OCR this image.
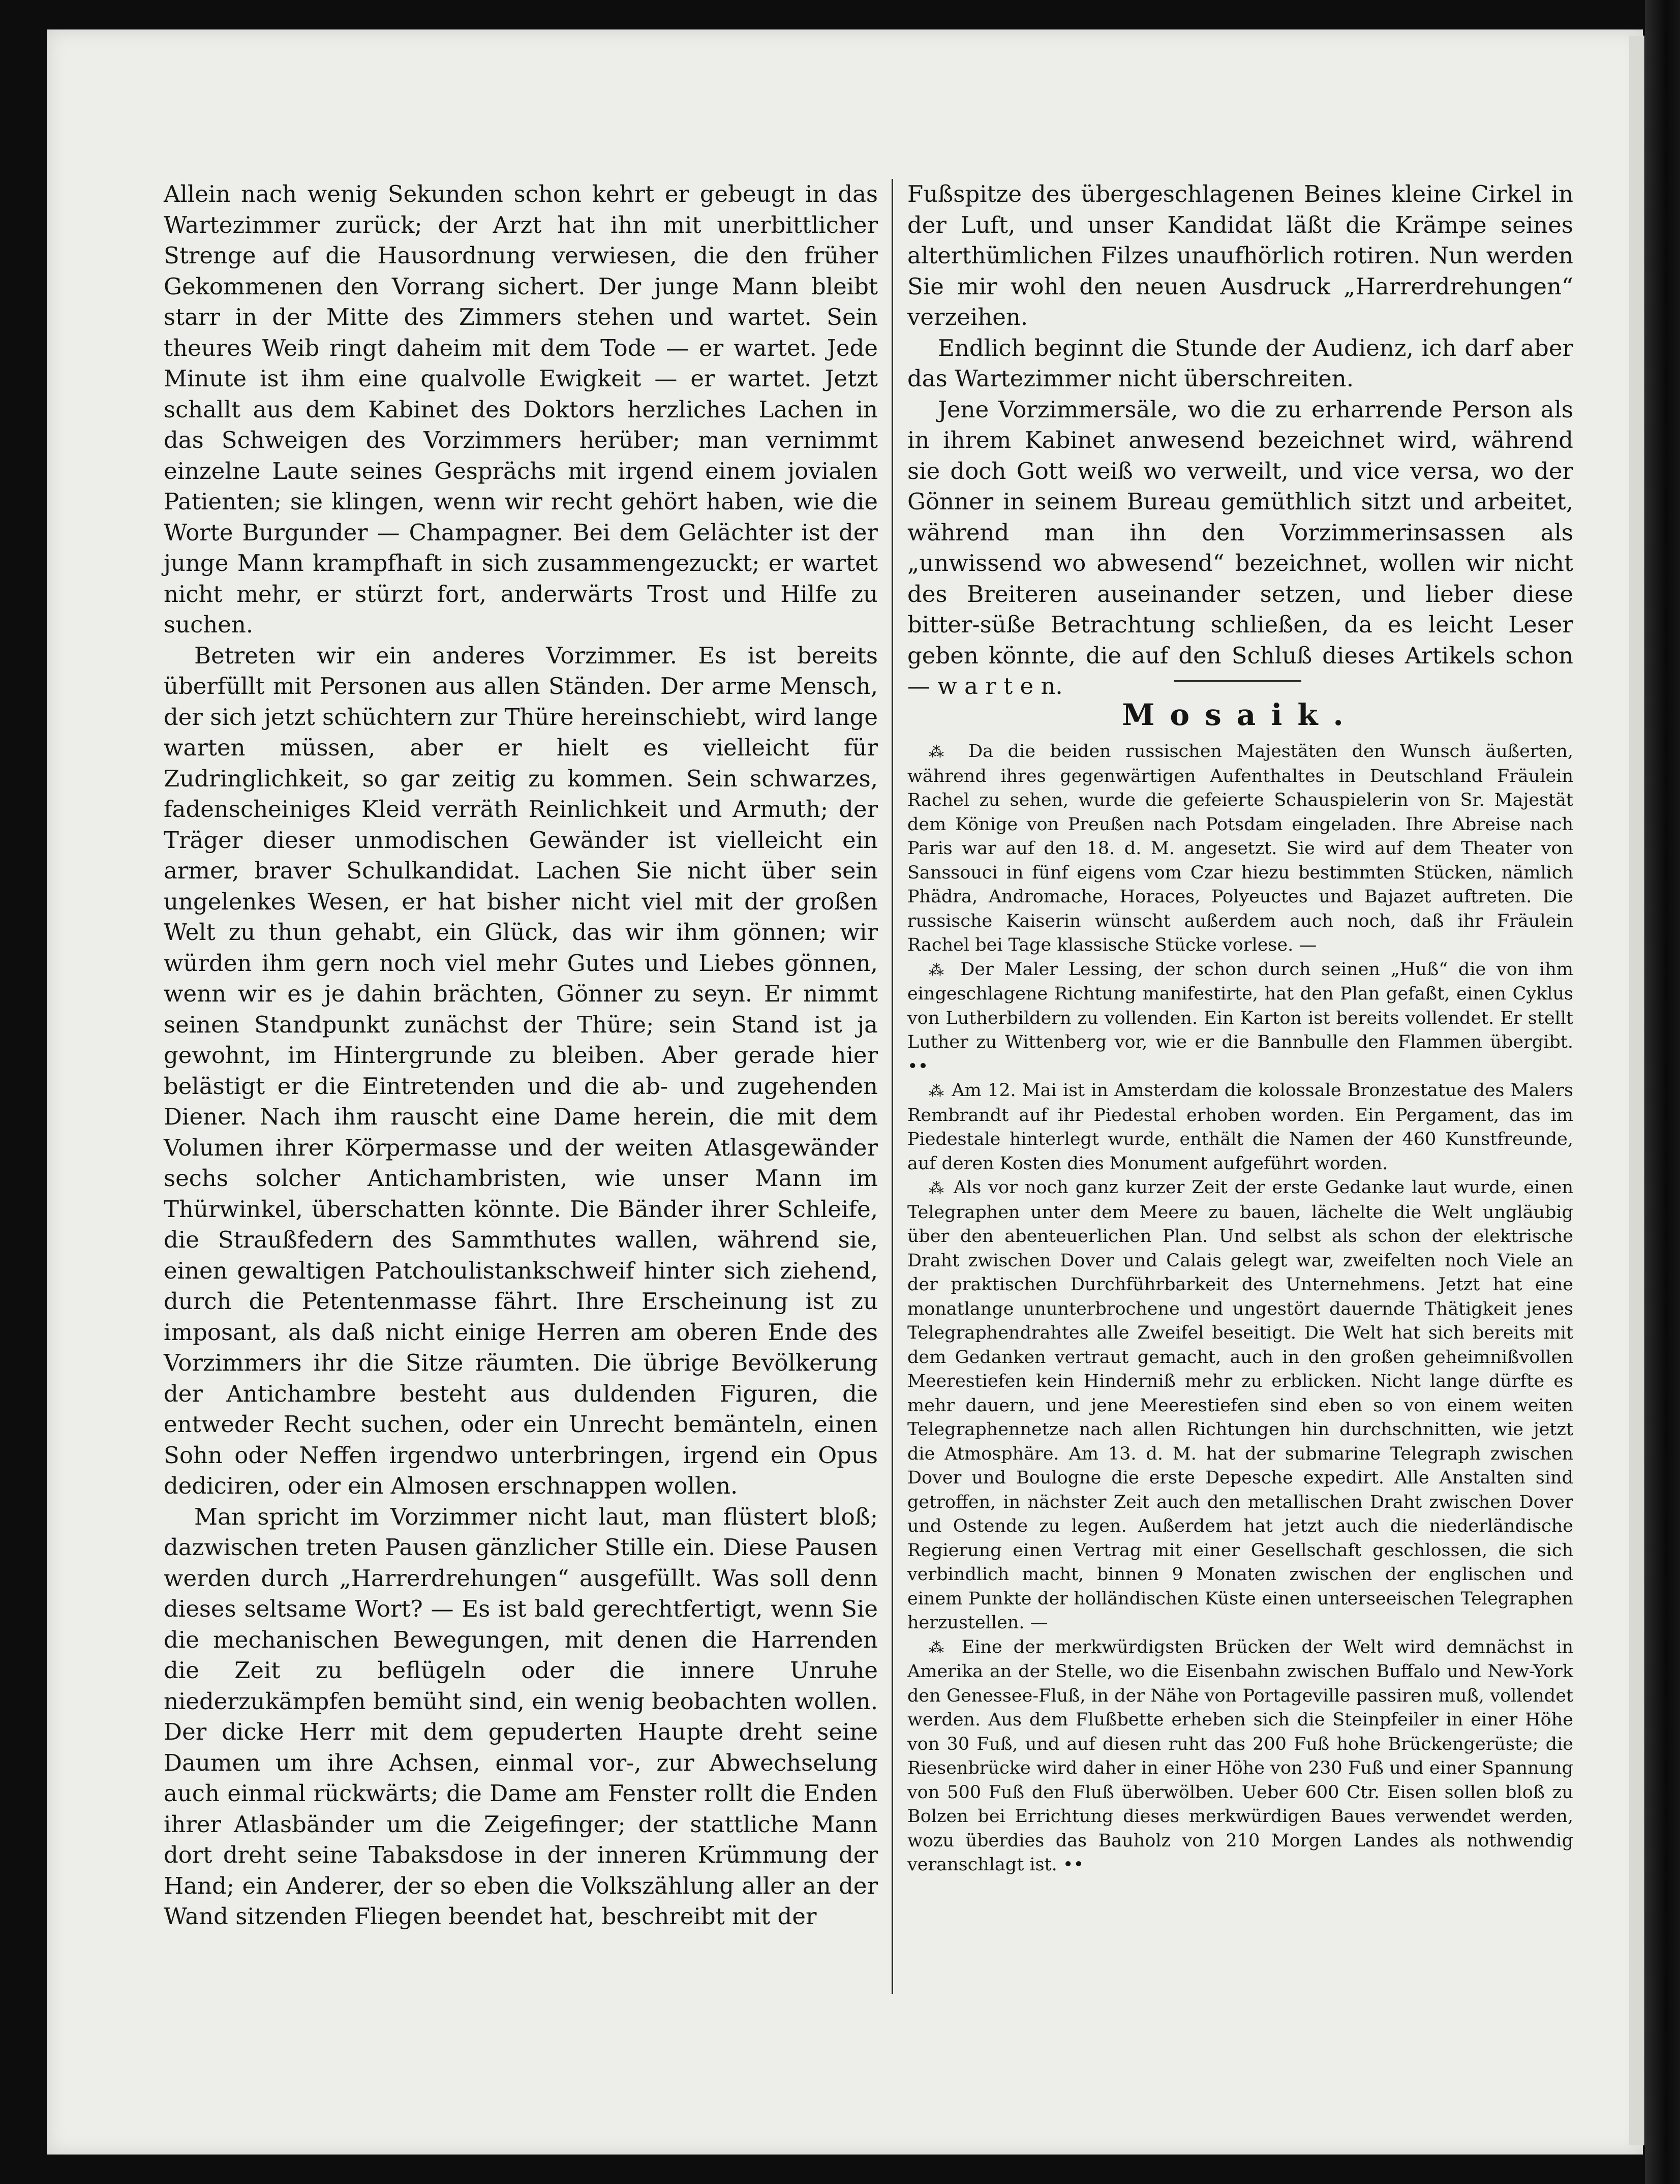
Allein nach wenig Sekunden schon kehrt er gebeugt in das Wartezimmer zurück; der Arzt hat ihn mit unerbittlicher Strenge auf die Hausordnung verwiesen, die den früher Gekommenen den Vorrang sichert. Der junge Mann bleibt starr in der Mitte des Zimmers stehen und wartet. Sein theures Weib ringt daheim mit dem Tode — er wartet. Jede Minute ist ihm eine qualvolle Ewigkeit — er wartet. Jetzt schallt aus dem Kabinet des Doktors herzliches Lachen in das Schweigen des Vorzimmers herüber; man vernimmt einzelne Laute seines Gesprächs mit irgend einem jovialen Patienten; sie klingen, wenn wir recht gehört haben, wie die Worte Burgunder — Champagner. Bei dem Gelächter ist der junge Mann krampfhaft in sich zusammengezuckt; er wartet nicht mehr, er stürzt fort, anderwärts Trost und Hilfe zu suchen.

Betreten wir ein anderes Vorzimmer. Es ist bereits überfüllt mit Personen aus allen Ständen. Der arme Mensch, der sich jetzt schüchtern zur Thüre hereinschiebt, wird lange warten müssen, aber er hielt es vielleicht für Zudringlichkeit, so gar zeitig zu kommen. Sein schwarzes, fadenscheiniges Kleid verräth Reinlichkeit und Armuth; der Träger dieser unmodischen Gewänder ist vielleicht ein armer, braver Schulkandidat. Lachen Sie nicht über sein ungelenkes Wesen, er hat bisher nicht viel mit der großen Welt zu thun gehabt, ein Glück, das wir ihm gönnen; wir würden ihm gern noch viel mehr Gutes und Liebes gönnen, wenn wir es je dahin brächten, Gönner zu seyn. Er nimmt seinen Standpunkt zunächst der Thüre; sein Stand ist ja gewohnt, im Hintergrunde zu bleiben. Aber gerade hier belästigt er die Eintretenden und die ab- und zugehenden Diener. Nach ihm rauscht eine Dame herein, die mit dem Volumen ihrer Körpermasse und der weiten Atlasgewänder sechs solcher Antichambristen, wie unser Mann im Thürwinkel, überschatten könnte. Die Bänder ihrer Schleife, die Straußfedern des Sammthutes wallen, während sie, einen gewaltigen Patchoulistankschweif hinter sich ziehend, durch die Petentenmasse fährt. Ihre Erscheinung ist zu imposant, als daß nicht einige Herren am oberen Ende des Vorzimmers ihr die Sitze räumten. Die übrige Bevölkerung der Antichambre besteht aus duldenden Figuren, die entweder Recht suchen, oder ein Unrecht bemänteln, einen Sohn oder Neffen irgendwo unterbringen, irgend ein Opus dediciren, oder ein Almosen erschnappen wollen.

Man spricht im Vorzimmer nicht laut, man flüstert bloß; dazwischen treten Pausen gänzlicher Stille ein. Diese Pausen werden durch „Harrerdrehungen“ ausgefüllt. Was soll denn dieses seltsame Wort? — Es ist bald gerechtfertigt, wenn Sie die mechanischen Bewegungen, mit denen die Harrenden die Zeit zu beflügeln oder die innere Unruhe niederzukämpfen bemüht sind, ein wenig beobachten wollen. Der dicke Herr mit dem gepuderten Haupte dreht seine Daumen um ihre Achsen, einmal vor-, zur Abwechselung auch einmal rückwärts; die Dame am Fenster rollt die Enden ihrer Atlasbänder um die Zeigefinger; der stattliche Mann dort dreht seine Tabaksdose in der inneren Krümmung der Hand; ein Anderer, der so eben die Volkszählung aller an der Wand sitzenden Fliegen beendet hat, beschreibt mit der

Fußspitze des übergeschlagenen Beines kleine Cirkel in der Luft, und unser Kandidat läßt die Krämpe seines alterthümlichen Filzes unaufhörlich rotiren. Nun werden Sie mir wohl den neuen Ausdruck „Harrerdrehungen“ verzeihen.

Endlich beginnt die Stunde der Audienz, ich darf aber das Wartezimmer nicht überschreiten.

Jene Vorzimmersäle, wo die zu erharrende Person als in ihrem Kabinet anwesend bezeichnet wird, während sie doch Gott weiß wo verweilt, und vice versa, wo der Gönner in seinem Bureau gemüthlich sitzt und arbeitet, während man ihn den Vorzimmerinsassen als „unwissend wo abwesend“ bezeichnet, wollen wir nicht des Breiteren auseinander setzen, und lieber diese bitter-süße Betrachtung schließen, da es leicht Leser geben könnte, die auf den Schluß dieses Artikels schon — w a r t e n.

Mosaik.

⁂ Da die beiden russischen Majestäten den Wunsch äußerten, während ihres gegenwärtigen Aufenthaltes in Deutschland Fräulein Rachel zu sehen, wurde die gefeierte Schauspielerin von Sr. Majestät dem Könige von Preußen nach Potsdam eingeladen. Ihre Abreise nach Paris war auf den 18. d. M. angesetzt. Sie wird auf dem Theater von Sanssouci in fünf eigens vom Czar hiezu bestimmten Stücken, nämlich Phädra, Andromache, Horaces, Polyeuctes und Bajazet auftreten. Die russische Kaiserin wünscht außerdem auch noch, daß ihr Fräulein Rachel bei Tage klassische Stücke vorlese. —

⁂ Der Maler Lessing, der schon durch seinen „Huß“ die von ihm eingeschlagene Richtung manifestirte, hat den Plan gefaßt, einen Cyklus von Lutherbildern zu vollenden. Ein Karton ist bereits vollendet. Er stellt Luther zu Wittenberg vor, wie er die Bannbulle den Flammen übergibt. ••

⁂ Am 12. Mai ist in Amsterdam die kolossale Bronzestatue des Malers Rembrandt auf ihr Piedestal erhoben worden. Ein Pergament, das im Piedestale hinterlegt wurde, enthält die Namen der 460 Kunstfreunde, auf deren Kosten dies Monument aufgeführt worden.

⁂ Als vor noch ganz kurzer Zeit der erste Gedanke laut wurde, einen Telegraphen unter dem Meere zu bauen, lächelte die Welt ungläubig über den abenteuerlichen Plan. Und selbst als schon der elektrische Draht zwischen Dover und Calais gelegt war, zweifelten noch Viele an der praktischen Durchführbarkeit des Unternehmens. Jetzt hat eine monatlange ununterbrochene und ungestört dauernde Thätigkeit jenes Telegraphendrahtes alle Zweifel beseitigt. Die Welt hat sich bereits mit dem Gedanken vertraut gemacht, auch in den großen geheimnißvollen Meerestiefen kein Hinderniß mehr zu erblicken. Nicht lange dürfte es mehr dauern, und jene Meerestiefen sind eben so von einem weiten Telegraphennetze nach allen Richtungen hin durchschnitten, wie jetzt die Atmosphäre. Am 13. d. M. hat der submarine Telegraph zwischen Dover und Boulogne die erste Depesche expedirt. Alle Anstalten sind getroffen, in nächster Zeit auch den metallischen Draht zwischen Dover und Ostende zu legen. Außerdem hat jetzt auch die niederländische Regierung einen Vertrag mit einer Gesellschaft geschlossen, die sich verbindlich macht, binnen 9 Monaten zwischen der englischen und einem Punkte der holländischen Küste einen unterseeischen Telegraphen herzustellen. —

⁂ Eine der merkwürdigsten Brücken der Welt wird demnächst in Amerika an der Stelle, wo die Eisenbahn zwischen Buffalo und New-York den Genessee-Fluß, in der Nähe von Portageville passiren muß, vollendet werden. Aus dem Flußbette erheben sich die Steinpfeiler in einer Höhe von 30 Fuß, und auf diesen ruht das 200 Fuß hohe Brückengerüste; die Riesenbrücke wird daher in einer Höhe von 230 Fuß und einer Spannung von 500 Fuß den Fluß überwölben. Ueber 600 Ctr. Eisen sollen bloß zu Bolzen bei Errichtung dieses merkwürdigen Baues verwendet werden, wozu überdies das Bauholz von 210 Morgen Landes als nothwendig veranschlagt ist. ••
